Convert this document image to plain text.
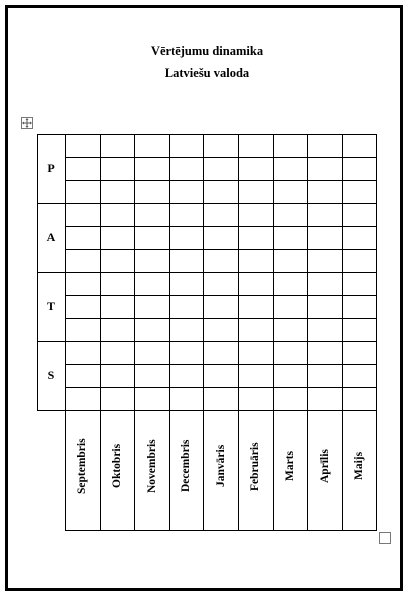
Vērtējumu dinamika
Latviešu valoda
P
A
T
S
Septembris Oktobris Novembris Decembris Janvāris Februāris Marts Aprīlis Maijs
